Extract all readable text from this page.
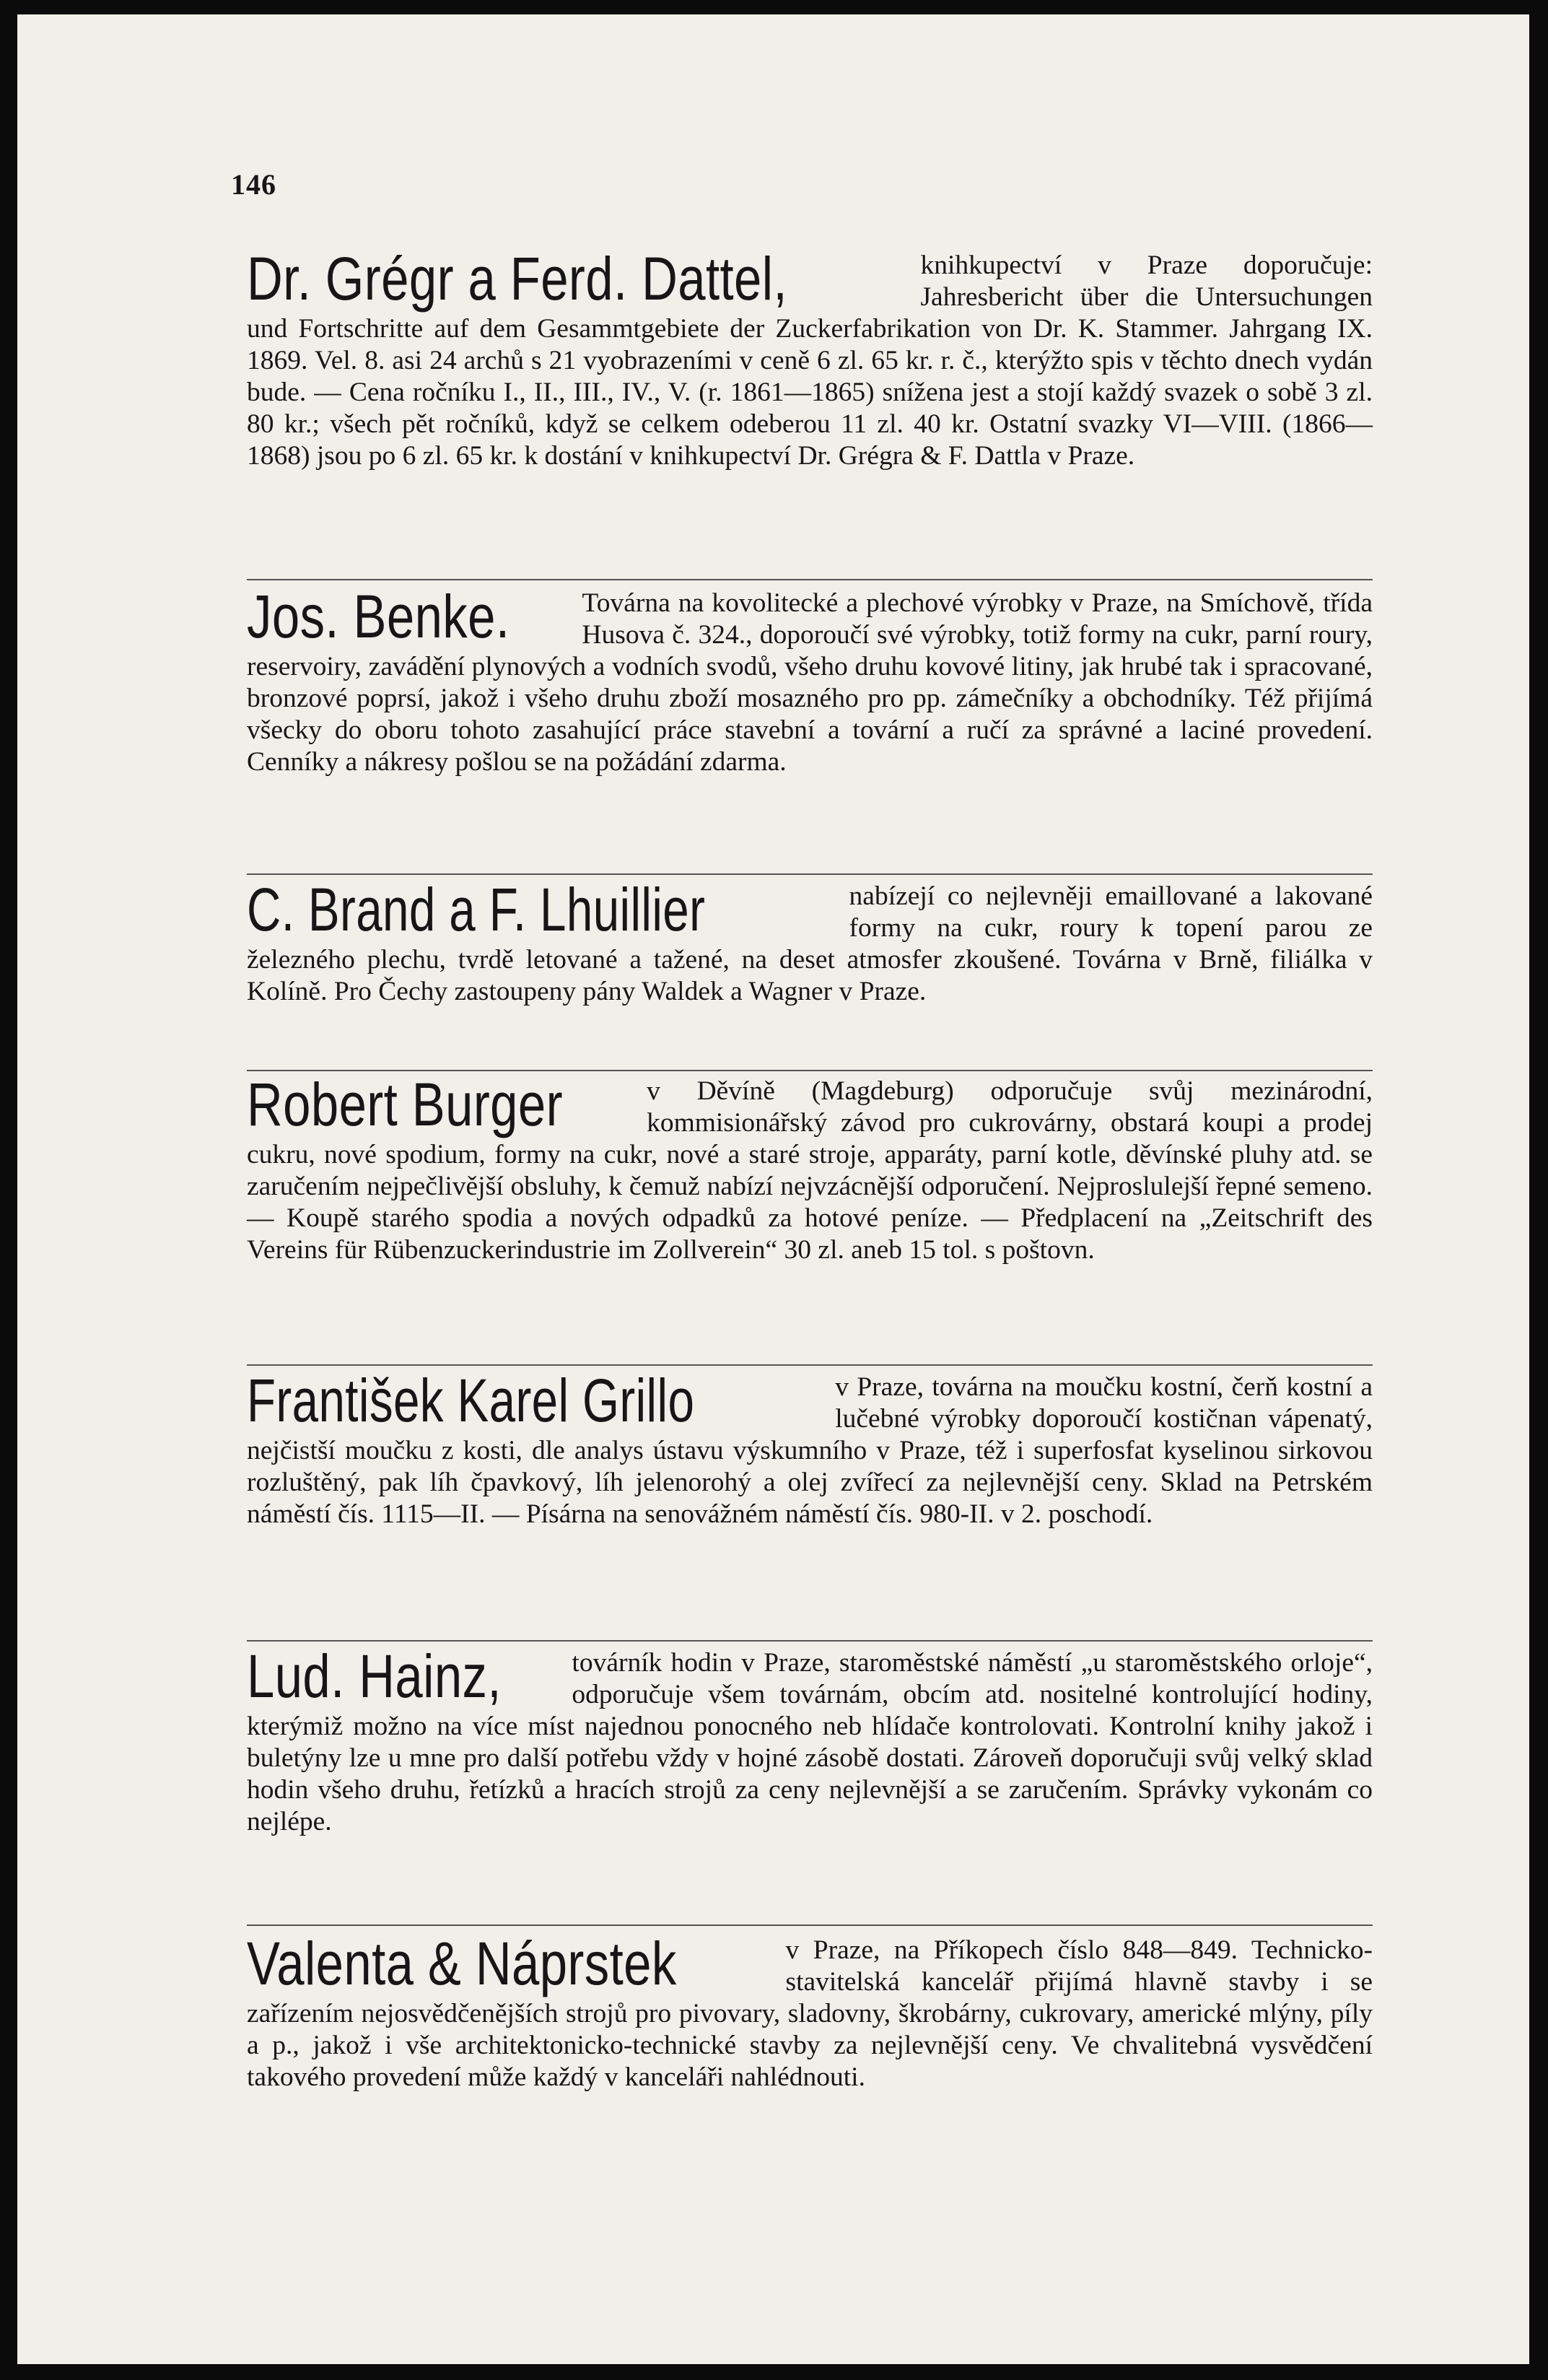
146
Dr. Grégr a Ferd. Dattel,	knihkupectví v Praze doporučuje: Jahresbericht über die Untersuchungen und Fortschritte auf dem Gesammtgebiete der Zuckerfabrikation von Dr. K. Stammer. Jahrgang IX. 1869. Vel. 8. asi 24 archů s 21 vyobrazeními v ceně 6 zl. 65 kr. r. č., kterýžto spis v těchto dnech vydán bude. — Cena ročníku I., II., III., IV., V. (r. 1861—1865) snížena jest a stojí každý svazek o sobě 3 zl. 80 kr.; všech pět ročníků, když se celkem odeberou 11 zl. 40 kr. Ostatní svazky VI—VIII. (1866—1868) jsou po 6 zl. 65 kr. k dostání v knihkupectví Dr. Grégra & F. Dattla v Praze.

Jos. Benke.	Továrna na kovolitecké a plechové výrobky v Praze, na Smíchově, třída Husova č. 324., doporoučí své výrobky, totiž formy na cukr, parní roury, reservoiry, zavádění plynových a vodních svodů, všeho druhu kovové litiny, jak hrubé tak i spracované, bronzové poprsí, jakož i všeho druhu zboží mosazného pro pp. zámečníky a obchodníky. Též přijímá všecky do oboru tohoto zasahující práce stavební a tovární a ručí za správné a laciné provedení. Cenníky a nákresy pošlou se na požádání zdarma.

C. Brand a F. Lhuillier	nabízejí co nejlevněji emaillované a lakované formy na cukr, roury k topení parou ze železného plechu, tvrdě letované a tažené, na deset atmosfer zkoušené. Továrna v Brně, filiálka v Kolíně. Pro Čechy zastoupeny pány Waldek a Wagner v Praze.

Robert Burger	v Děvíně (Magdeburg) odporučuje svůj mezinárodní, kommisionářský závod pro cukrovárny, obstará koupi a prodej cukru, nové spodium, formy na cukr, nové a staré stroje, apparáty, parní kotle, děvínské pluhy atd. se zaručením nejpečlivější obsluhy, k čemuž nabízí nejvzácnější odporučení. Nejproslulejší řepné semeno. — Koupě starého spodia a nových odpadků za hotové peníze. — Předplacení na „Zeitschrift des Vereins für Rübenzuckerindustrie im Zollverein“ 30 zl. aneb 15 tol. s poštovn.

František Karel Grillo	v Praze, továrna na moučku kostní, čerň kostní a lučebné výrobky doporoučí kostičnan vápenatý, nejčistší moučku z kosti, dle analys ústavu výskumního v Praze, též i superfosfat kyselinou sirkovou rozluštěný, pak líh čpavkový, líh jelenorohý a olej zvířecí za nejlevnější ceny. Sklad na Petrském náměstí čís. 1115—II. — Písárna na senovážném náměstí čís. 980-II. v 2. poschodí.

Lud. Hainz,	továrník hodin v Praze, staroměstské náměstí „u staroměstského orloje“, odporučuje všem továrnám, obcím atd. nositelné kontrolující hodiny, kterýmiž možno na více míst najednou ponocného neb hlídače kontrolovati. Kontrolní knihy jakož i buletýny lze u mne pro další potřebu vždy v hojné zásobě dostati. Zároveň doporučuji svůj velký sklad hodin všeho druhu, řetízků a hracích strojů za ceny nejlevnější a se zaručením. Správky vykonám co nejlépe.

Valenta & Náprstek	v Praze, na Příkopech číslo 848—849. Technicko-stavitelská kancelář přijímá hlavně stavby i se zařízením nejosvědčenějších strojů pro pivovary, sladovny, škrobárny, cukrovary, americké mlýny, píly a p., jakož i vše architektonicko-technické stavby za nejlevnější ceny. Ve chvalitebná vysvědčení takového provedení může každý v kanceláři nahlédnouti.
